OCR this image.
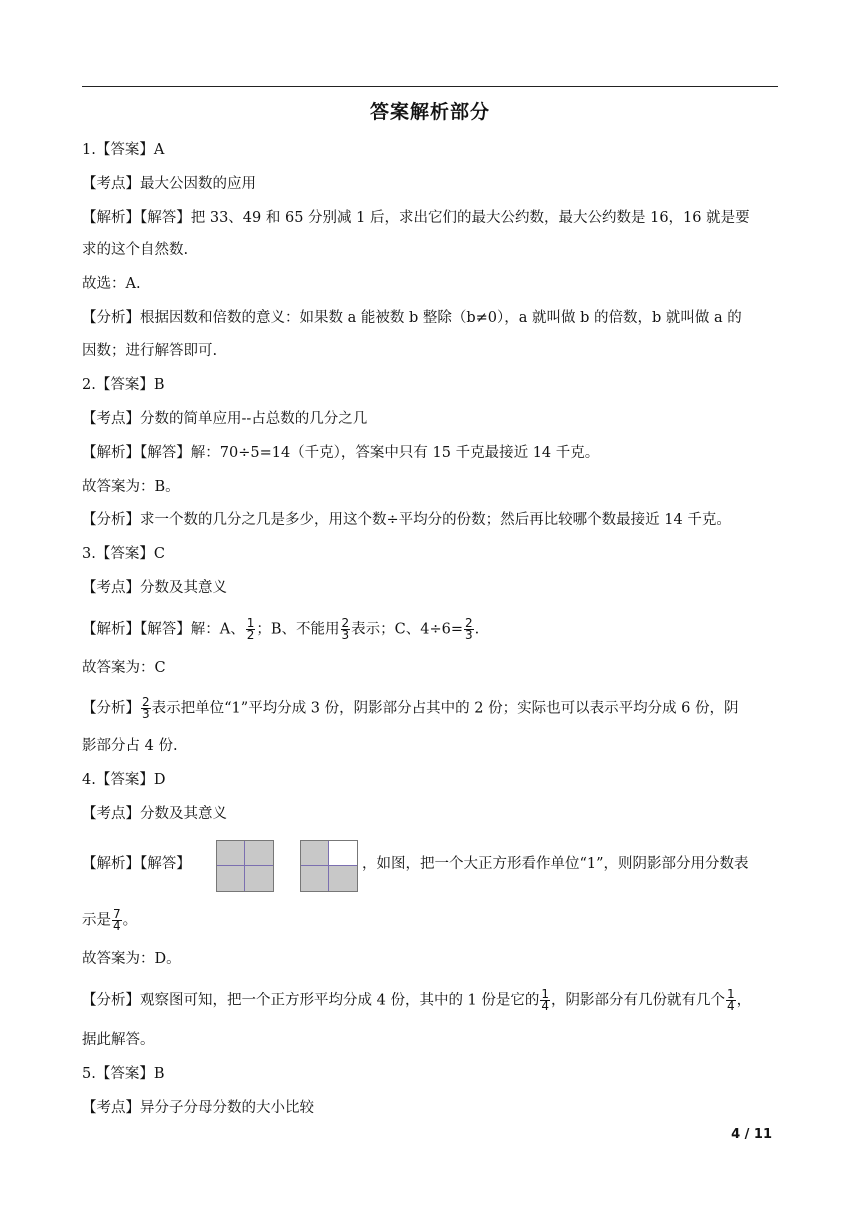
答案解析部分
1.【答案】A
【考点】最大公因数的应用
【解析】【解答】把 33、49 和 65 分别减 1 后，求出它们的最大公约数，最大公约数是 16，16 就是要
求的这个自然数.
故选：A.
【分析】根据因数和倍数的意义：如果数 a 能被数 b 整除（b≠0），a 就叫做 b 的倍数，b 就叫做 a 的
因数；进行解答即可.
2.【答案】B
【考点】分数的简单应用--占总数的几分之几
【解析】【解答】解：70÷5=14（千克），答案中只有 15 千克最接近 14 千克。
故答案为：B。
【分析】求一个数的几分之几是多少，用这个数÷平均分的份数；然后再比较哪个数最接近 14 千克。
3.【答案】C
【考点】分数及其意义
【解析】【解答】解：A、 $\frac{1}{2}$ ；B、不能用 $\frac{2}{3}$ 表示；C、$4\div 6= \frac{2}{3}$ .
故答案为：C
【分析】 $\frac{2}{3}$ 表示把单位“1”平均分成 3 份，阴影部分占其中的 2 份；实际也可以表示平均分成 6 份，阴
影部分占 4 份.
4.【答案】D
【考点】分数及其意义
【解析】【解答】	，如图，把一个大正方形看作单位“1”，则阴影部分用分数表
示是 $\frac{7}{4}$ 。
故答案为：D。
【分析】观察图可知，把一个正方形平均分成 4 份，其中的 1 份是它的 $\frac{1}{4}$ ，阴影部分有几份就有几个 $\frac{1}{4}$ ，
据此解答。
5.【答案】B
【考点】异分子分母分数的大小比较
4 / 11
